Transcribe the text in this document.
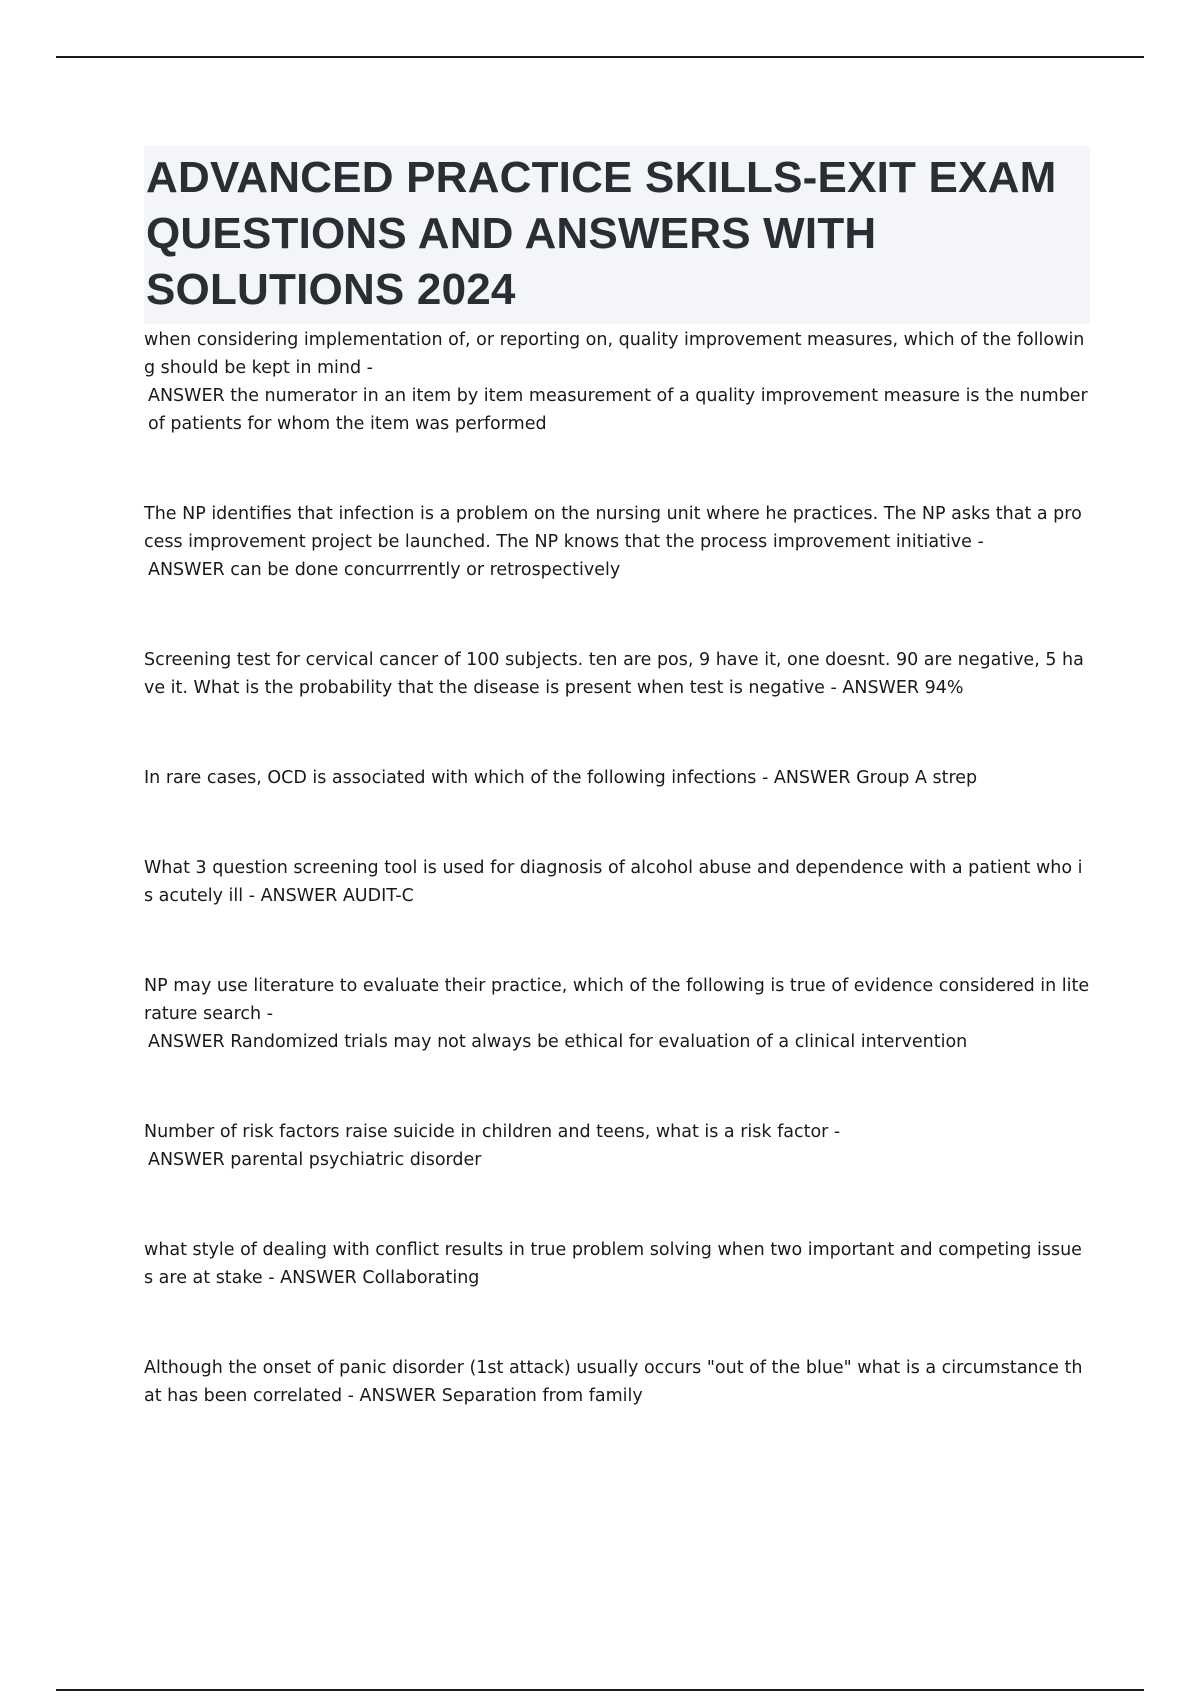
ADVANCED PRACTICE SKILLS-EXIT EXAM QUESTIONS AND ANSWERS WITH SOLUTIONS 2024
when considering implementation of, or reporting on, quality improvement measures, which of the following should be kept in mind -
ANSWER the numerator in an item by item measurement of a quality improvement measure is the number of patients for whom the item was performed
The NP identifies that infection is a problem on the nursing unit where he practices. The NP asks that a process improvement project be launched. The NP knows that the process improvement initiative -
ANSWER can be done concurrrently or retrospectively
Screening test for cervical cancer of 100 subjects. ten are pos, 9 have it, one doesnt. 90 are negative, 5 have it. What is the probability that the disease is present when test is negative - ANSWER 94%
In rare cases, OCD is associated with which of the following infections - ANSWER Group A strep
What 3 question screening tool is used for diagnosis of alcohol abuse and dependence with a patient who is acutely ill - ANSWER AUDIT-C
NP may use literature to evaluate their practice, which of the following is true of evidence considered in literature search -
ANSWER Randomized trials may not always be ethical for evaluation of a clinical intervention
Number of risk factors raise suicide in children and teens, what is a risk factor -
ANSWER parental psychiatric disorder
what style of dealing with conflict results in true problem solving when two important and competing issues are at stake - ANSWER Collaborating
Although the onset of panic disorder (1st attack) usually occurs "out of the blue" what is a circumstance that has been correlated - ANSWER Separation from family
